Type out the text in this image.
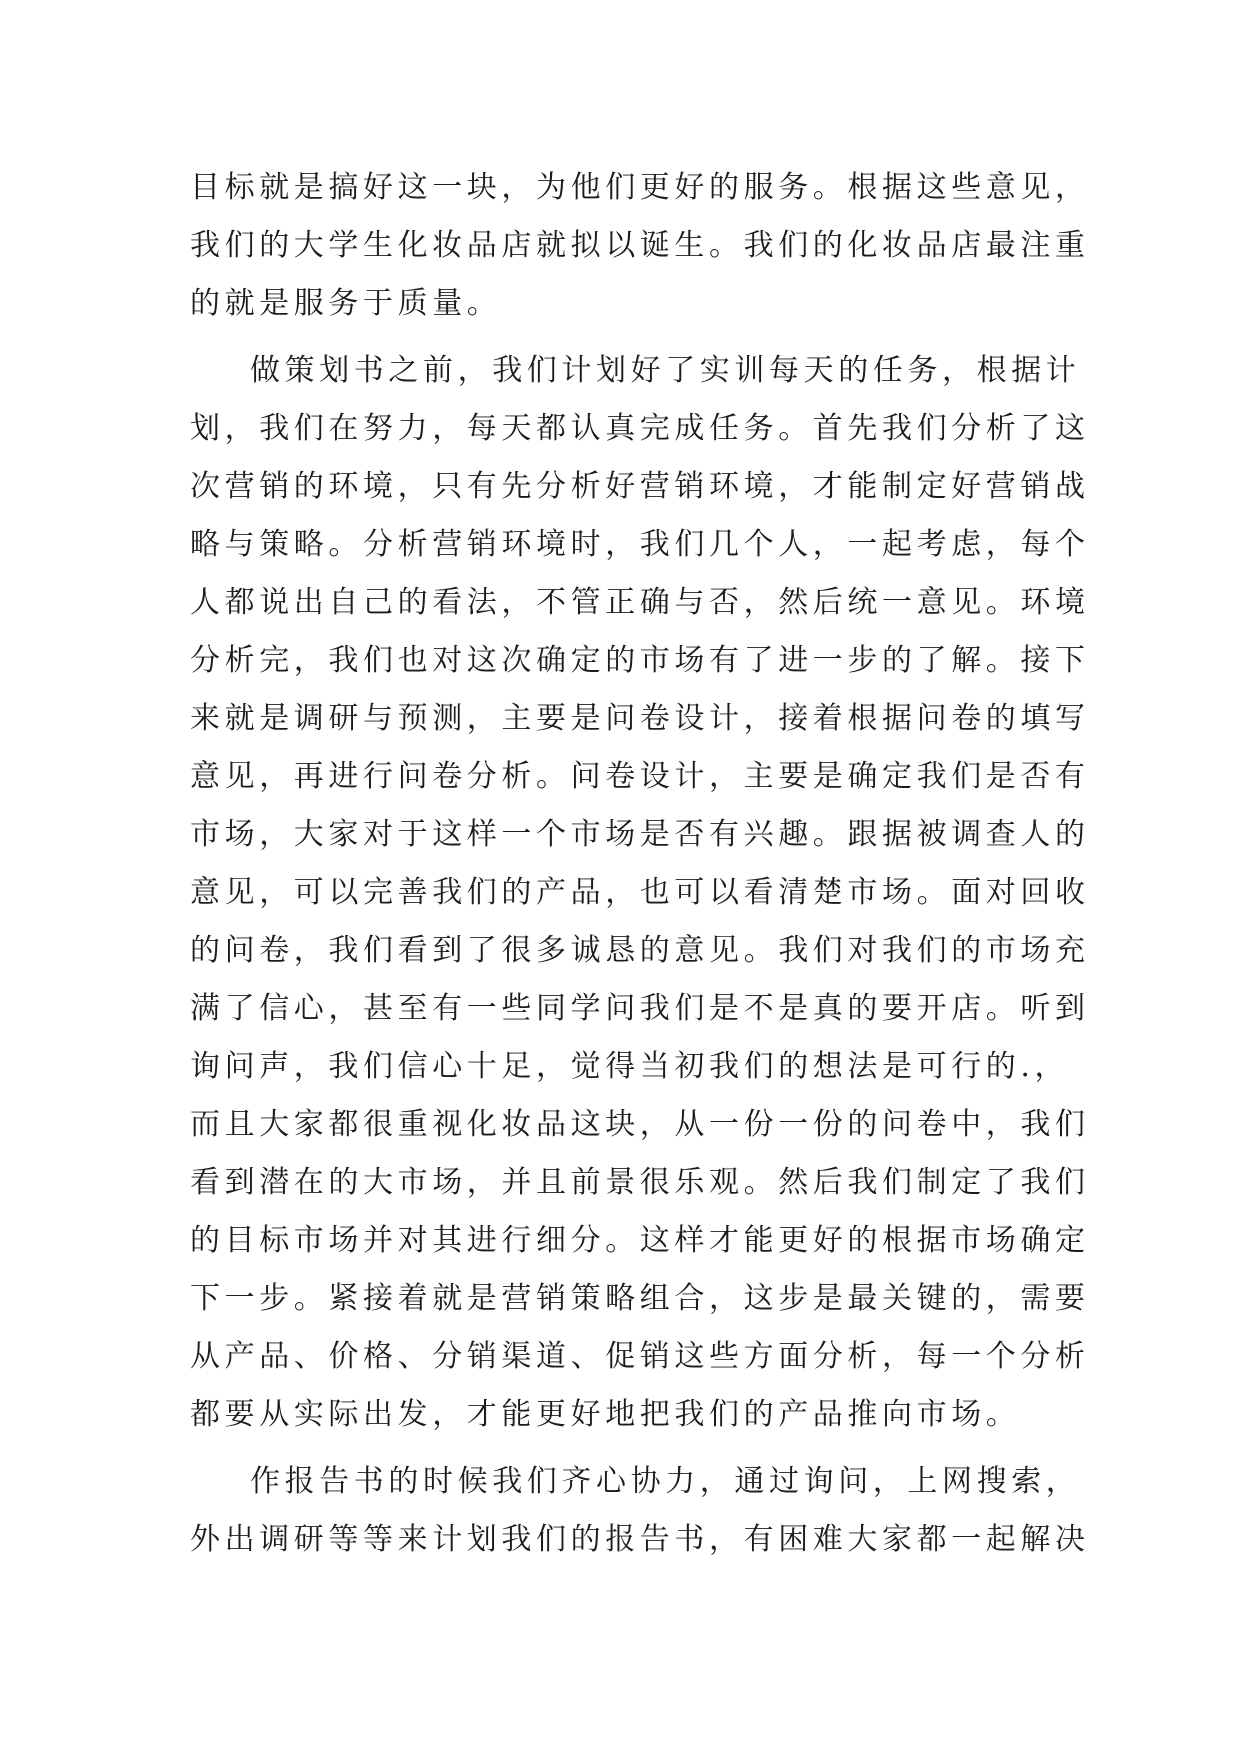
目标就是搞好这一块，为他们更好的服务。根据这些意见，
我们的大学生化妆品店就拟以诞生。我们的化妆品店最注重
的就是服务于质量。
做策划书之前，我们计划好了实训每天的任务，根据计
划，我们在努力，每天都认真完成任务。首先我们分析了这
次营销的环境，只有先分析好营销环境，才能制定好营销战
略与策略。分析营销环境时，我们几个人，一起考虑，每个
人都说出自己的看法，不管正确与否，然后统一意见。环境
分析完，我们也对这次确定的市场有了进一步的了解。接下
来就是调研与预测，主要是问卷设计，接着根据问卷的填写
意见，再进行问卷分析。问卷设计，主要是确定我们是否有
市场，大家对于这样一个市场是否有兴趣。跟据被调查人的
意见，可以完善我们的产品，也可以看清楚市场。面对回收
的问卷，我们看到了很多诚恳的意见。我们对我们的市场充
满了信心，甚至有一些同学问我们是不是真的要开店。听到
询问声，我们信心十足，觉得当初我们的想法是可行的.，
而且大家都很重视化妆品这块，从一份一份的问卷中，我们
看到潜在的大市场，并且前景很乐观。然后我们制定了我们
的目标市场并对其进行细分。这样才能更好的根据市场确定
下一步。紧接着就是营销策略组合，这步是最关键的，需要
从产品、价格、分销渠道、促销这些方面分析，每一个分析
都要从实际出发，才能更好地把我们的产品推向市场。
作报告书的时候我们齐心协力，通过询问，上网搜索，
外出调研等等来计划我们的报告书，有困难大家都一起解决
